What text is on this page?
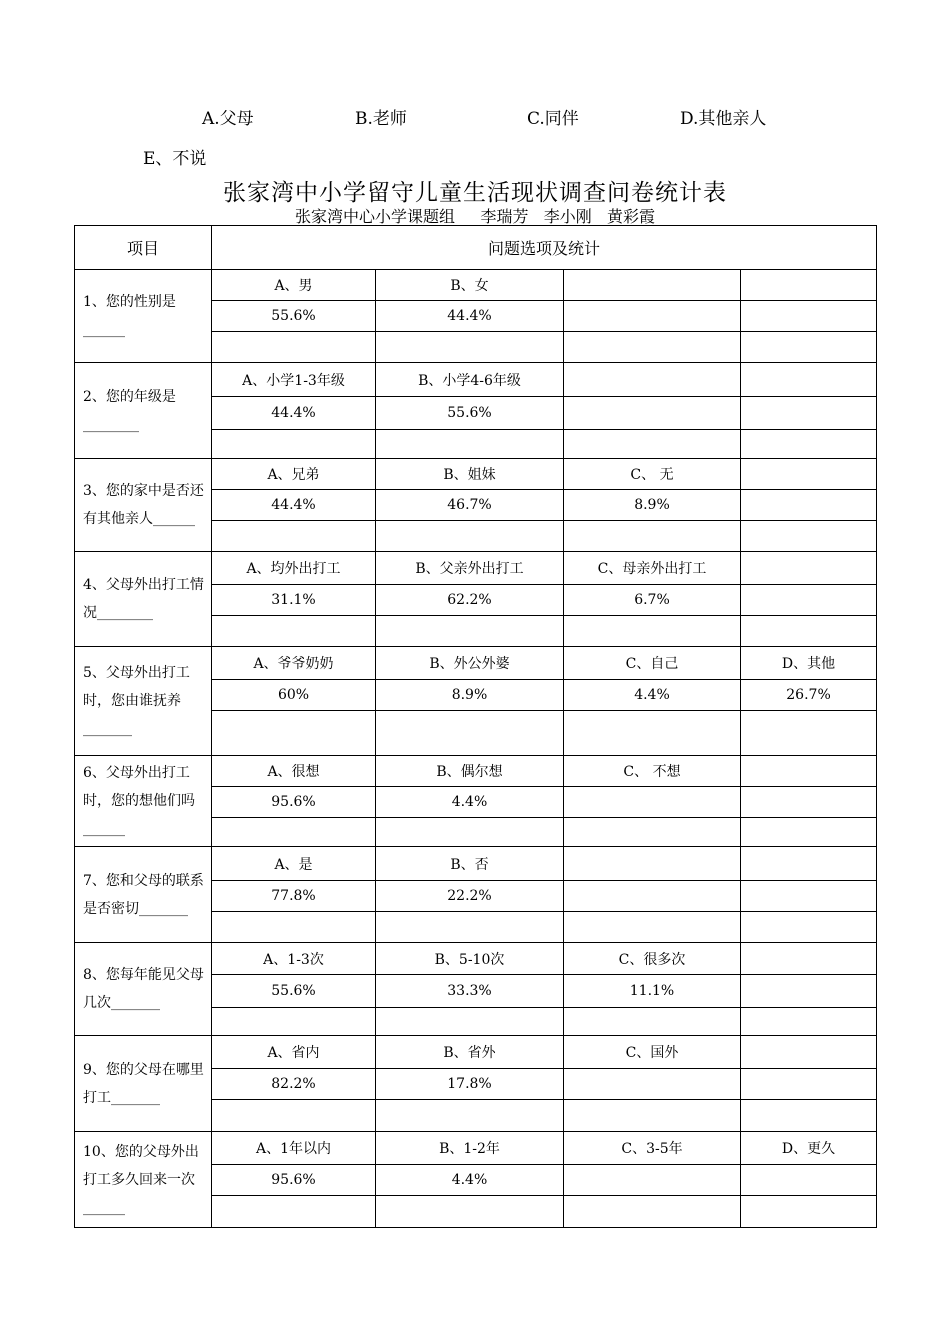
A.父母	B.老师	C.同伴	D.其他亲人
E、不说
张家湾中小学留守儿童生活现状调查问卷统计表
张家湾中心小学课题组     李瑞芳   李小刚   黄彩霞
项目	问题选项及统计			
1、您的性别是______	A、男	B、女		
	55.6%	44.4%		

2、您的年级是________	A、小学1-3年级	B、小学4-6年级		
	44.4%	55.6%		

3、您的家中是否还有其他亲人______	A、兄弟	B、姐妹	C、 无	
	44.4%	46.7%	8.9%	

4、父母外出打工情况________	A、均外出打工	B、父亲外出打工	C、母亲外出打工	
	31.1%	62.2%	6.7%	

5、父母外出打工时，您由谁抚养_______	A、爷爷奶奶	B、外公外婆	C、自己	D、其他
	60%	8.9%	4.4%	26.7%

6、父母外出打工时，您的想他们吗______	A、很想	B、偶尔想	C、 不想	
	95.6%	4.4%		

7、您和父母的联系是否密切_______	A、是	B、否		
	77.8%	22.2%		

8、您每年能见父母几次_______	A、1-3次	B、5-10次	C、很多次	
	55.6%	33.3%	11.1%	

9、您的父母在哪里打工_______	A、省内	B、省外	C、国外	
	82.2%	17.8%		

10、您的父母外出打工多久回来一次______	A、1年以内	B、1-2年	C、3-5年	D、更久
	95.6%	4.4%		
